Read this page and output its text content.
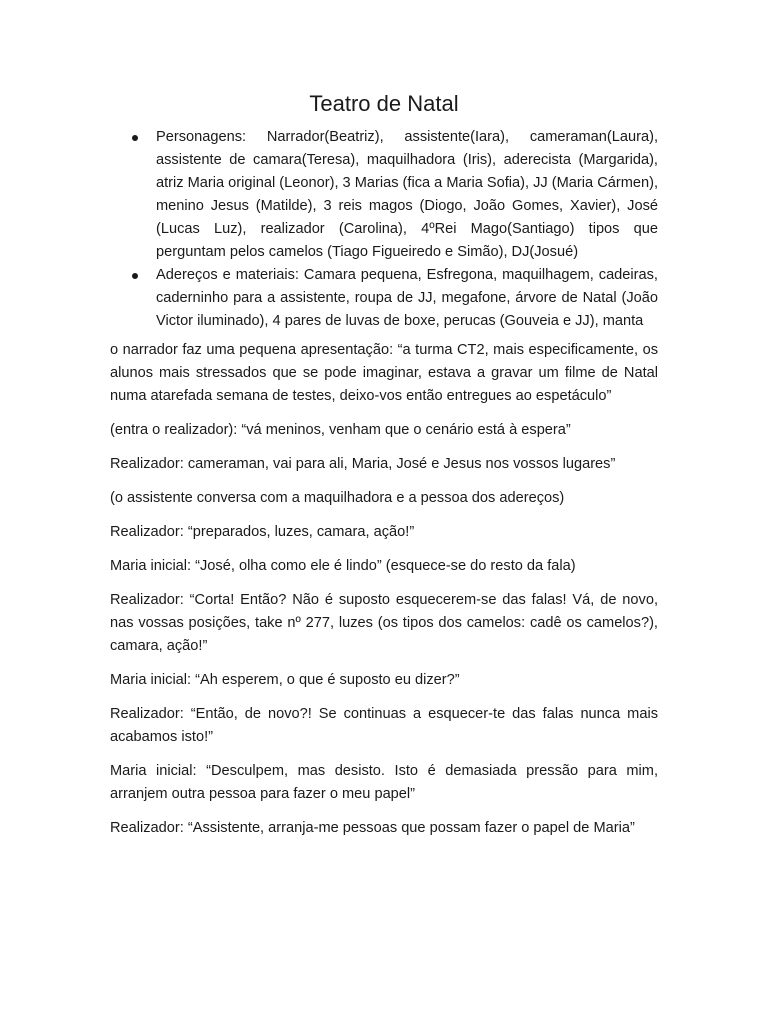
Teatro de Natal
Personagens: Narrador(Beatriz), assistente(Iara), cameraman(Laura), assistente de camara(Teresa), maquilhadora (Iris), aderecista (Margarida), atriz Maria original (Leonor), 3 Marias (fica a Maria Sofia), JJ (Maria Cármen), menino Jesus (Matilde), 3 reis magos (Diogo, João Gomes, Xavier), José (Lucas Luz), realizador (Carolina), 4ºRei Mago(Santiago) tipos que perguntam pelos camelos (Tiago Figueiredo e Simão), DJ(Josué)
Adereços e materiais: Camara pequena, Esfregona, maquilhagem, cadeiras, caderninho para a assistente, roupa de JJ, megafone, árvore de Natal (João Victor iluminado), 4 pares de luvas de boxe, perucas (Gouveia e JJ), manta

o narrador faz uma pequena apresentação: “a turma CT2, mais especificamente, os alunos mais stressados que se pode imaginar, estava a gravar um filme de Natal numa atarefada semana de testes, deixo-vos então entregues ao espetáculo”

(entra o realizador): “vá meninos, venham que o cenário está à espera”

Realizador: cameraman, vai para ali, Maria, José e Jesus nos vossos lugares”

(o assistente conversa com a maquilhadora e a pessoa dos adereços)

Realizador: “preparados, luzes, camara, ação!”

Maria inicial: “José, olha como ele é lindo” (esquece-se do resto da fala)

Realizador: “Corta! Então? Não é suposto esquecerem-se das falas! Vá, de novo, nas vossas posições, take nº 277, luzes (os tipos dos camelos: cadê os camelos?), camara, ação!”

Maria inicial: “Ah esperem, o que é suposto eu dizer?”

Realizador: “Então, de novo?! Se continuas a esquecer-te das falas nunca mais acabamos isto!”

Maria inicial: “Desculpem, mas desisto. Isto é demasiada pressão para mim, arranjem outra pessoa para fazer o meu papel”

Realizador: “Assistente, arranja-me pessoas que possam fazer o papel de Maria”
